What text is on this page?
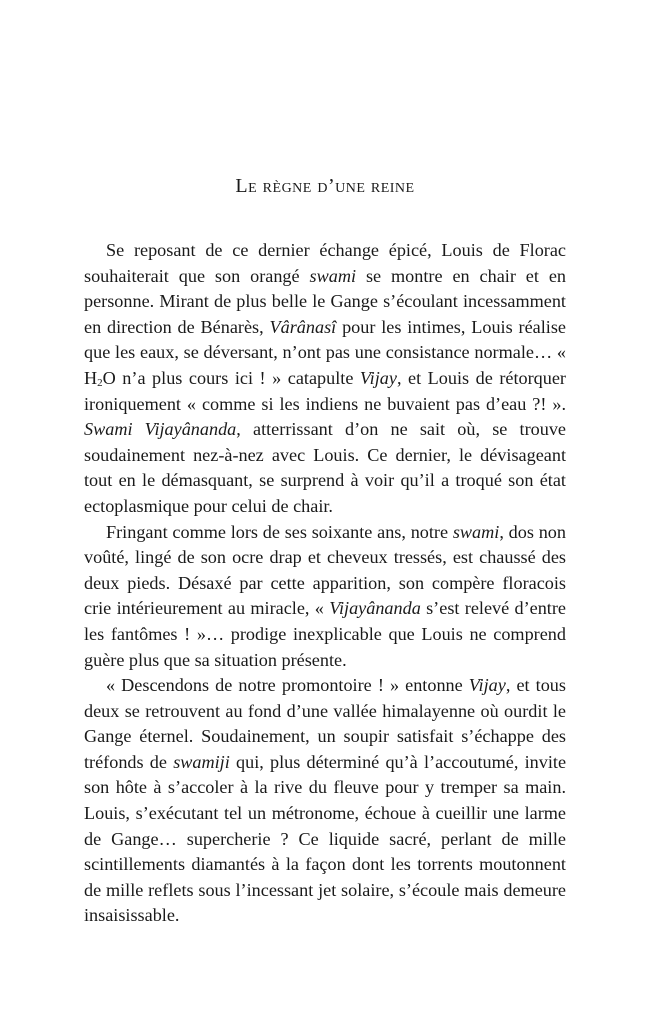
Le règne d’une reine

Se reposant de ce dernier échange épicé, Louis de Florac souhaiterait que son orangé swami se montre en chair et en personne. Mirant de plus belle le Gange s’écoulant incessamment en direction de Bénarès, Vârânasî pour les intimes, Louis réalise que les eaux, se déversant, n’ont pas une consistance normale… « $H_2O$ n’a plus cours ici ! » catapulte Vijay, et Louis de rétorquer ironiquement « comme si les indiens ne buvaient pas d’eau ?! ». Swami Vijayânanda, atterrissant d’on ne sait où, se trouve soudainement nez-à-nez avec Louis. Ce dernier, le dévisageant tout en le démasquant, se surprend à voir qu’il a troqué son état ectoplasmique pour celui de chair.

Fringant comme lors de ses soixante ans, notre swami, dos non voûté, lingé de son ocre drap et cheveux tressés, est chaussé des deux pieds. Désaxé par cette apparition, son compère floracois crie intérieurement au miracle, « Vijayânanda s’est relevé d’entre les fantômes ! »… prodige inexplicable que Louis ne comprend guère plus que sa situation présente.

« Descendons de notre promontoire ! » entonne Vijay, et tous deux se retrouvent au fond d’une vallée himalayenne où ourdit le Gange éternel. Soudainement, un soupir satisfait s’échappe des tréfonds de swamiji qui, plus déterminé qu’à l’accoutumé, invite son hôte à s’accoler à la rive du fleuve pour y tremper sa main. Louis, s’exécutant tel un métronome, échoue à cueillir une larme de Gange… supercherie ? Ce liquide sacré, perlant de mille scintillements diamantés à la façon dont les torrents moutonnent de mille reflets sous l’incessant jet solaire, s’écoule mais demeure insaisissable.
